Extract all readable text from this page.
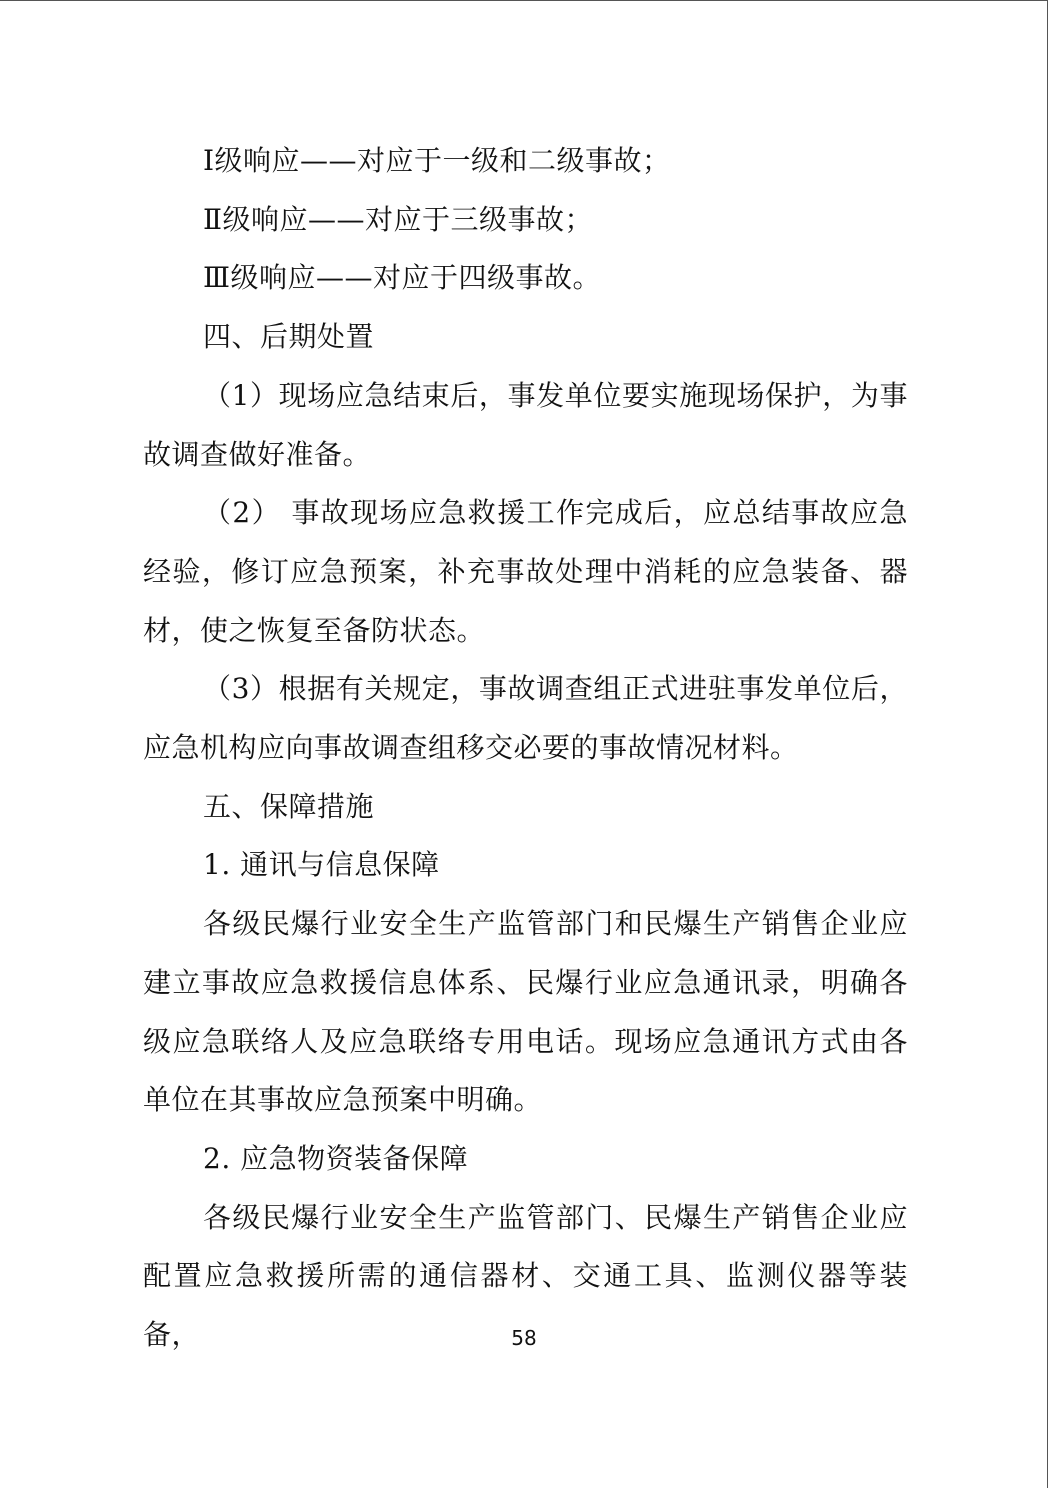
Ⅰ级响应——对应于一级和二级事故；

Ⅱ级响应——对应于三级事故；

Ⅲ级响应——对应于四级事故。

四、后期处置

（1）现场应急结束后，事发单位要实施现场保护，为事故调查做好准备。

（2） 事故现场应急救援工作完成后，应总结事故应急经验，修订应急预案，补充事故处理中消耗的应急装备、器材，使之恢复至备防状态。

（3）根据有关规定，事故调查组正式进驻事发单位后，应急机构应向事故调查组移交必要的事故情况材料。

五、保障措施

1. 通讯与信息保障

各级民爆行业安全生产监管部门和民爆生产销售企业应建立事故应急救援信息体系、民爆行业应急通讯录，明确各级应急联络人及应急联络专用电话。现场应急通讯方式由各单位在其事故应急预案中明确。

2. 应急物资装备保障

各级民爆行业安全生产监管部门、民爆生产销售企业应配置应急救援所需的通信器材、交通工具、监测仪器等装备，	58
